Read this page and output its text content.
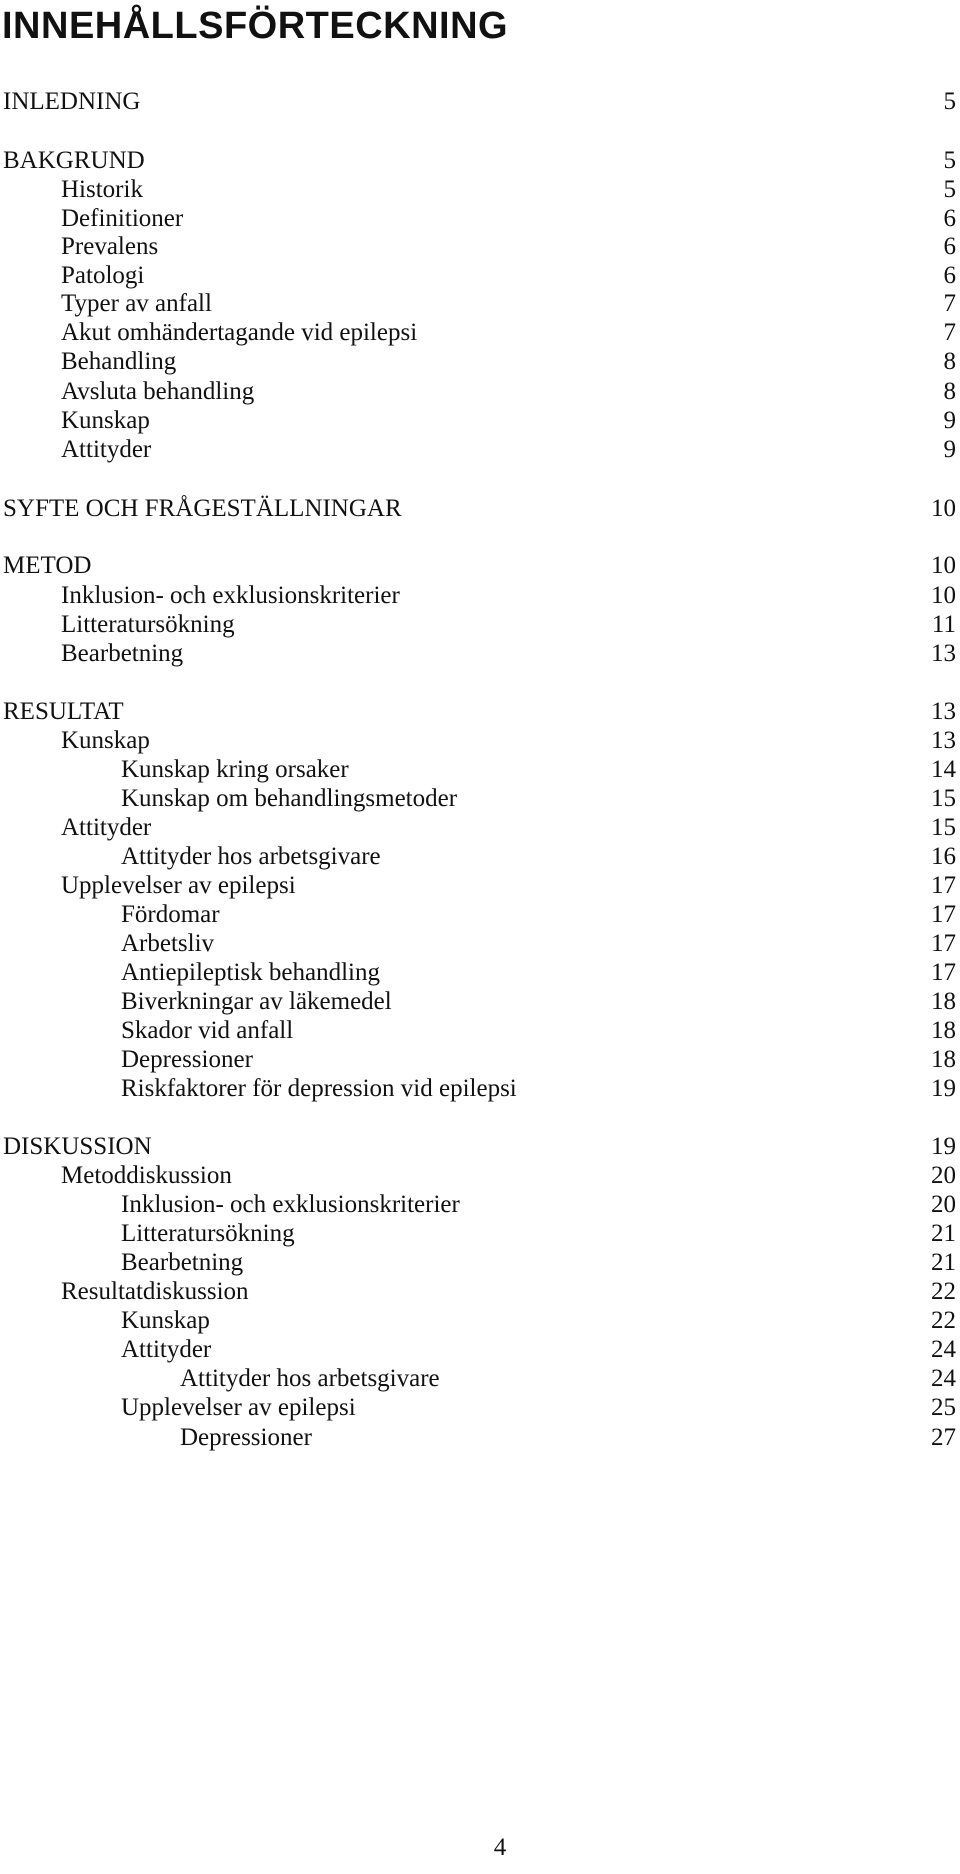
INNEHÅLLSFÖRTECKNING
INLEDNING	5
BAKGRUND	5
Historik	5
Definitioner	6
Prevalens	6
Patologi	6
Typer av anfall	7
Akut omhändertagande vid epilepsi	7
Behandling	8
Avsluta behandling	8
Kunskap	9
Attityder	9
SYFTE OCH FRÅGESTÄLLNINGAR	10
METOD	10
Inklusion- och exklusionskriterier	10
Litteratursökning	11
Bearbetning	13
RESULTAT	13
Kunskap	13
Kunskap kring orsaker	14
Kunskap om behandlingsmetoder	15
Attityder	15
Attityder hos arbetsgivare	16
Upplevelser av epilepsi	17
Fördomar	17
Arbetsliv	17
Antiepileptisk behandling	17
Biverkningar av läkemedel	18
Skador vid anfall	18
Depressioner	18
Riskfaktorer för depression vid epilepsi	19
DISKUSSION	19
Metoddiskussion	20
Inklusion- och exklusionskriterier	20
Litteratursökning	21
Bearbetning	21
Resultatdiskussion	22
Kunskap	22
Attityder	24
Attityder hos arbetsgivare	24
Upplevelser av epilepsi	25
Depressioner	27
4
